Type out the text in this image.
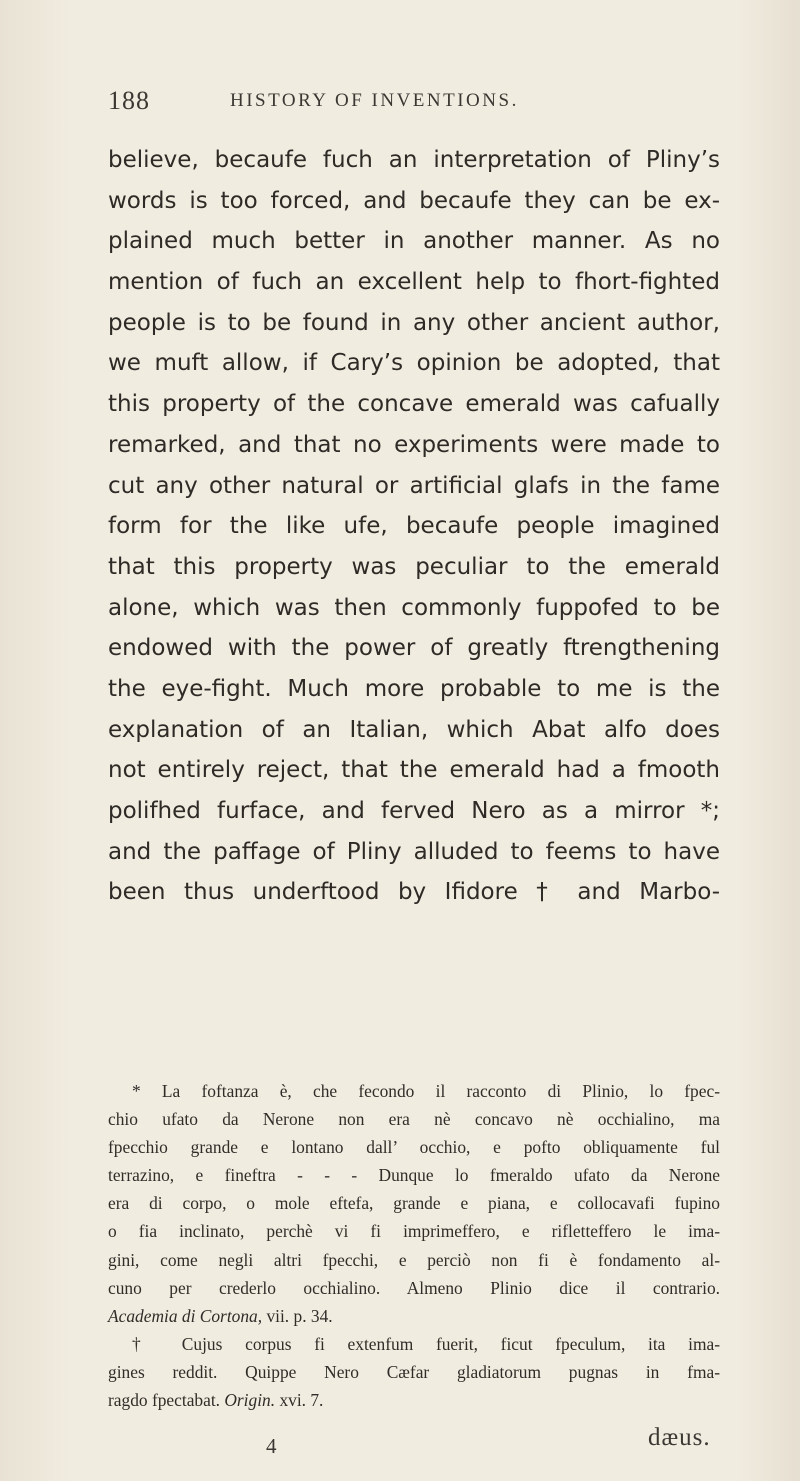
188	HISTORY OF INVENTIONS.
believe, becaufe fuch an interpretation of Pliny’s
words is too forced, and becaufe they can be ex-
plained much better in another manner. As no
mention of fuch an excellent help to fhort-fighted
people is to be found in any other ancient author,
we muft allow, if Cary’s opinion be adopted, that
this property of the concave emerald was cafually
remarked, and that no experiments were made to
cut any other natural or artificial glafs in the fame
form for the like ufe, becaufe people imagined
that this property was peculiar to the emerald
alone, which was then commonly fuppofed to be
endowed with the power of greatly ftrengthening
the eye-fight. Much more probable to me is the
explanation of an Italian, which Abat alfo does
not entirely reject, that the emerald had a fmooth
polifhed furface, and ferved Nero as a mirror *;
and the paffage of Pliny alluded to feems to have
been thus underftood by Ifidore † and Marbo-
* La foftanza è, che fecondo il racconto di Plinio, lo fpec-
chio ufato da Nerone non era nè concavo nè occhialino, ma
fpecchio grande e lontano dall’ occhio, e pofto obliquamente ful
terrazino, e fineftra - - - Dunque lo fmeraldo ufato da Nerone
era di corpo, o mole eftefa, grande e piana, e collocavafi fupino
o fia inclinato, perchè vi fi imprimeffero, e rifletteffero le ima-
gini, come negli altri fpecchi, e perciò non fi è fondamento al-
cuno per crederlo occhialino. Almeno Plinio dice il contrario.
Academia di Cortona, vii. p. 34.
† Cujus corpus fi extenfum fuerit, ficut fpeculum, ita ima-
gines reddit. Quippe Nero Cæfar gladiatorum pugnas in fma-
ragdo fpectabat. Origin. xvi. 7.
4	dæus.
